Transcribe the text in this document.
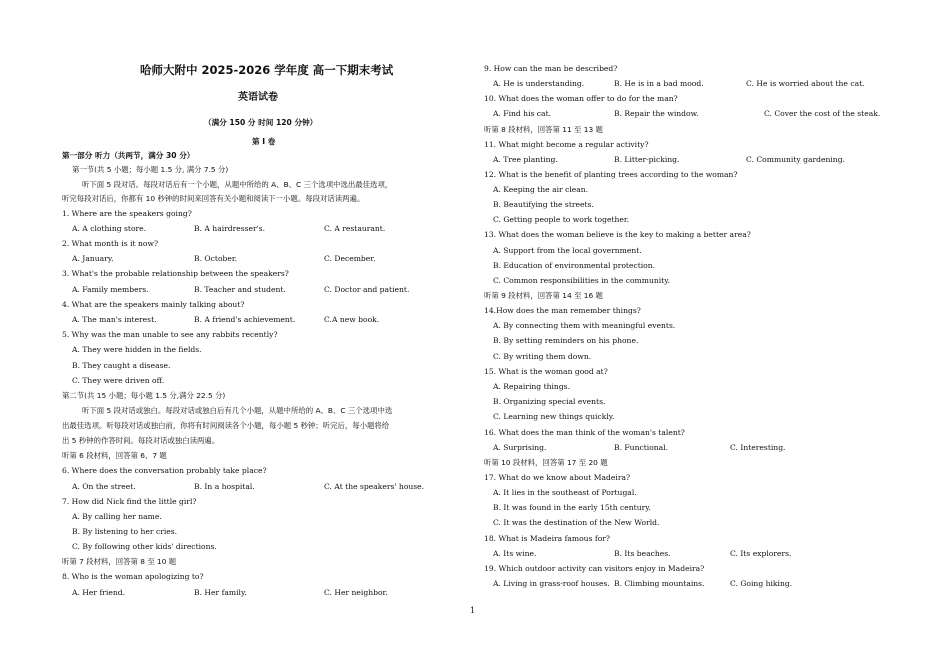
哈师大附中 2025-2026 学年度 高一下期末考试
英语试卷
（满分 150 分 时间 120 分钟）
第 I 卷
第一部分 听力（共两节，满分 30 分）
第一节(共 5 小题；每小题 1.5 分, 满分 7.5 分)
听下面 5 段对话。每段对话后有一个小题，从题中所给的 A、B、C 三个选项中选出最佳选项，
听完每段对话后，你都有 10 秒钟的时间来回答有关小题和阅读下一小题。每段对话读两遍。
1. Where are the speakers going?
A. A clothing store.	B. A hairdresser's.	C. A restaurant.
2. What month is it now?
A. January.	B. October.	C. December.
3. What's the probable relationship between the speakers?
A. Family members.	B. Teacher and student.	C. Doctor and patient.
4. What are the speakers mainly talking about?
A. The man's interest.	B. A friend's achievement.	C.A new book.
5. Why was the man unable to see any rabbits recently?
A. They were hidden in the fields.
B. They caught a disease.
C. They were driven off.
第二节(共 15 小题；每小题 1.5 分,满分 22.5 分)
听下面 5 段对话或独白。每段对话或独白后有几个小题，从题中所给的 A、B、C 三个选项中选
出最佳选项。听每段对话或独白前，你将有时间阅读各个小题，每小题 5 秒钟；听完后，每小题将给
出 5 秒钟的作答时间。每段对话或独白读两遍。
听第 6 段材料，回答第 6、7 题
6. Where does the conversation probably take place?
A. On the street.	B. In a hospital.	C. At the speakers' house.
7. How did Nick find the little girl?
A. By calling her name.
B. By listening to her cries.
C. By following other kids' directions.
听第 7 段材料，回答第 8 至 10 题
8. Who is the woman apologizing to?
A. Her friend.	B. Her family.	C. Her neighbor.
9. How can the man be described?
A. He is understanding.	B. He is in a bad mood.	C. He is worried about the cat.
10. What does the woman offer to do for the man?
A. Find his cat.	B. Repair the window.	C. Cover the cost of the steak.
听第 8 段材料，回答第 11 至 13 题
11. What might become a regular activity?
A. Tree planting.	B. Litter-picking.	C. Community gardening.
12. What is the benefit of planting trees according to the woman?
A. Keeping the air clean.
B. Beautifying the streets.
C. Getting people to work together.
13. What does the woman believe is the key to making a better area?
A. Support from the local government.
B. Education of environmental protection.
C. Common responsibilities in the community.
听第 9 段材料，回答第 14 至 16 题
14.How does the man remember things?
A. By connecting them with meaningful events.
B. By setting reminders on his phone.
C. By writing them down.
15. What is the woman good at?
A. Repairing things.
B. Organizing special events.
C. Learning new things quickly.
16. What does the man think of the woman's talent?
A. Surprising.	B. Functional.	C. Interesting.
听第 10 段材料，回答第 17 至 20 题
17. What do we know about Madeira?
A. It lies in the southeast of Portugal.
B. It was found in the early 15th century.
C. It was the destination of the New World.
18. What is Madeira famous for?
A. Its wine.	B. Its beaches.	C. Its explorers.
19. Which outdoor activity can visitors enjoy in Madeira?
A. Living in grass-roof houses. B. Climbing mountains.	C. Going hiking.
1
